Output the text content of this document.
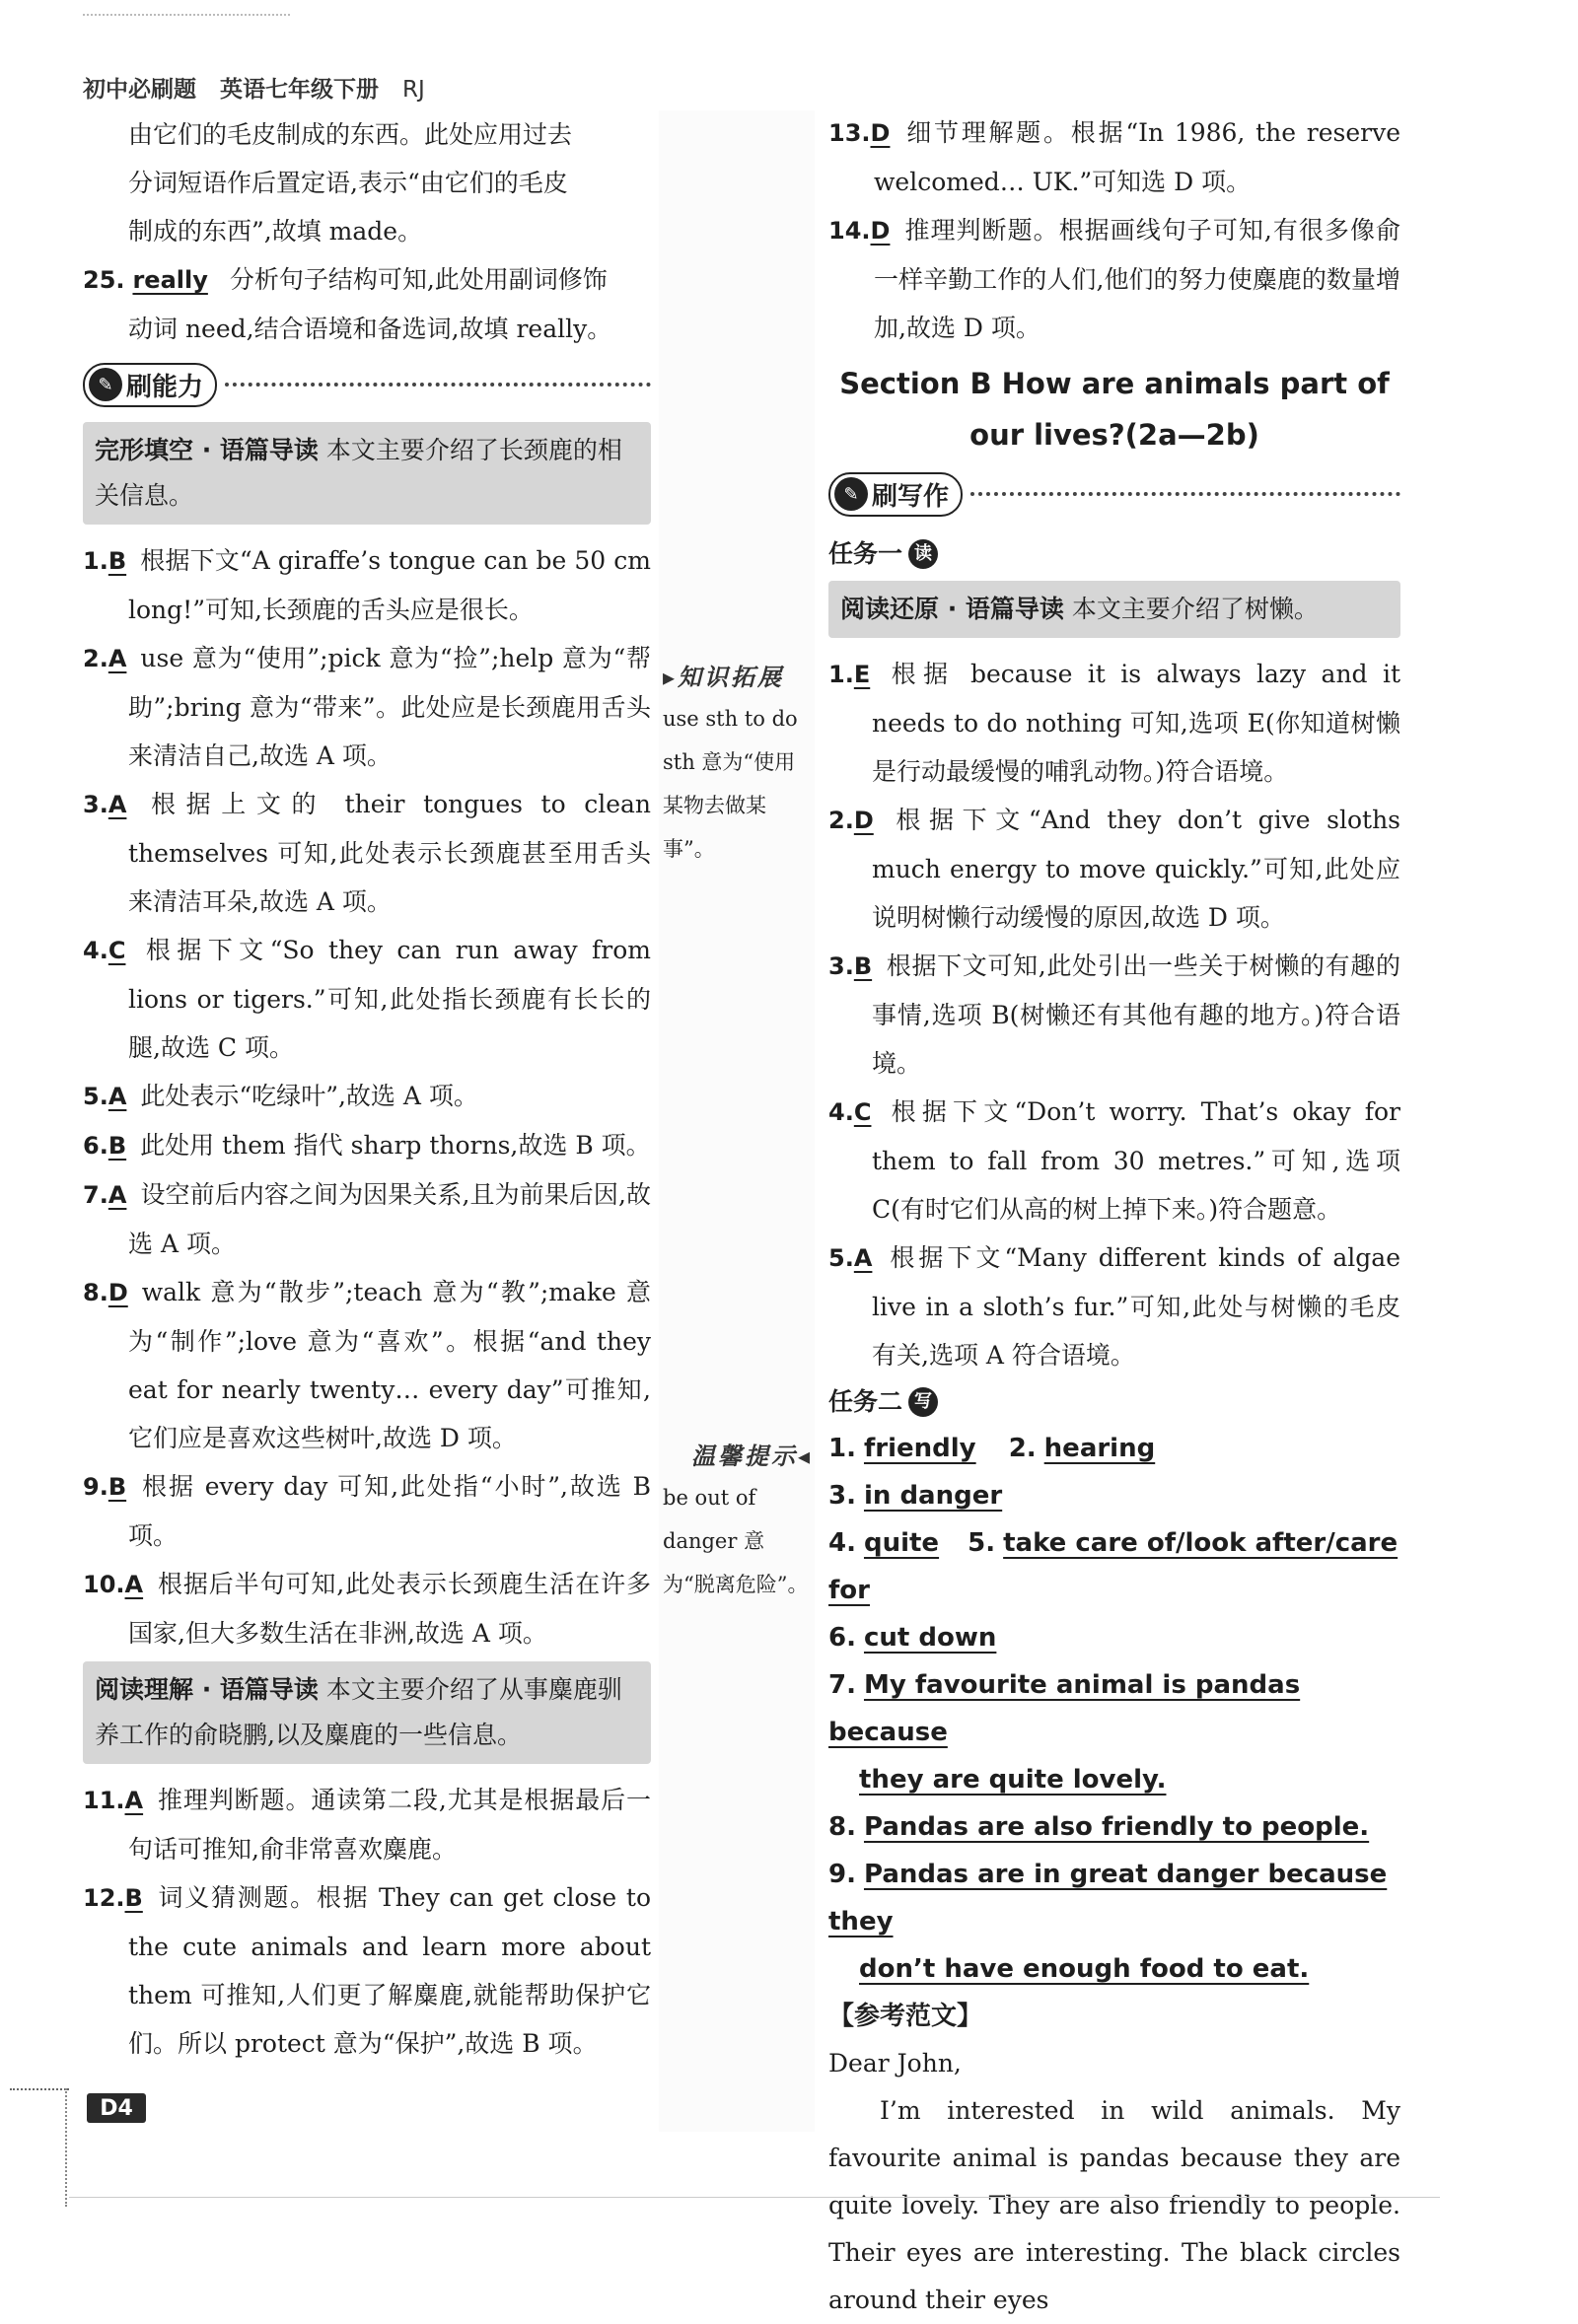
初中必刷题 英语七年级下册 RJ

由它们的毛皮制成的东西。此处应用过去

分词短语作后置定语,表示“由它们的毛皮

制成的东西”,故填 made。

25. really 分析句子结构可知,此处用副词修饰

动词 need,结合语境和备选词,故填 really。

✎ 刷能力
完形填空 · 语篇导读 本文主要介绍了长颈鹿的相关信息。

1.B 根据下文“A giraffe’s tongue can be 50 cm long!”可知,长颈鹿的舌头应是很长。

2.A use 意为“使用”;pick 意为“捡”;help 意为“帮助”;bring 意为“带来”。此处应是长颈鹿用舌头来清洁自己,故选 A 项。

3.A 根据上文的 their tongues to clean themselves 可知,此处表示长颈鹿甚至用舌头来清洁耳朵,故选 A 项。

4.C 根据下文“So they can run away from lions or tigers.”可知,此处指长颈鹿有长长的腿,故选 C 项。

5.A 此处表示“吃绿叶”,故选 A 项。

6.B 此处用 them 指代 sharp thorns,故选 B 项。

7.A 设空前后内容之间为因果关系,且为前果后因,故选 A 项。

8.D walk 意为“散步”;teach 意为“教”;make 意为“制作”;love 意为“喜欢”。根据“and they eat for nearly twenty… every day”可推知,它们应是喜欢这些树叶,故选 D 项。

9.B 根据 every day 可知,此处指“小时”,故选 B 项。

10.A 根据后半句可知,此处表示长颈鹿生活在许多国家,但大多数生活在非洲,故选 A 项。

阅读理解 · 语篇导读 本文主要介绍了从事麋鹿驯养工作的俞晓鹏,以及麋鹿的一些信息。

11.A 推理判断题。通读第二段,尤其是根据最后一句话可推知,俞非常喜欢麋鹿。

12.B 词义猜测题。根据 They can get close to the cute animals and learn more about them 可推知,人们更了解麋鹿,就能帮助保护它们。所以 protect 意为“保护”,故选 B 项。

▸知识拓展
use sth to do sth 意为“使用某物去做某事”。
温馨提示◂
be out of danger 意为“脱离危险”。

13.D 细节理解题。根据“In 1986, the reserve welcomed… UK.”可知选 D 项。

14.D 推理判断题。根据画线句子可知,有很多像俞一样辛勤工作的人们,他们的努力使麋鹿的数量增加,故选 D 项。

Section B How are animals part of
our lives?(2a—2b)
✎ 刷写作
任务一 读
阅读还原 · 语篇导读 本文主要介绍了树懒。

1.E 根据 because it is always lazy and it needs to do nothing 可知,选项 E(你知道树懒是行动最缓慢的哺乳动物。)符合语境。

2.D 根据下文“And they don’t give sloths much energy to move quickly.”可知,此处应说明树懒行动缓慢的原因,故选 D 项。

3.B 根据下文可知,此处引出一些关于树懒的有趣的事情,选项 B(树懒还有其他有趣的地方。)符合语境。

4.C 根据下文“Don’t worry. That’s okay for them to fall from 30 metres.”可知,选项 C(有时它们从高的树上掉下来。)符合题意。

5.A 根据下文“Many different kinds of algae live in a sloth’s fur.”可知,此处与树懒的毛皮有关,选项 A 符合语境。

任务二 写
1. friendly 2. hearing
3. in danger
4. quite 5. take care of/look after/care for
6. cut down
7. My favourite animal is pandas because
they are quite lovely.
8. Pandas are also friendly to people.
9. Pandas are in great danger because they
don’t have enough food to eat.
【参考范文】

Dear John,

I’m interested in wild animals. My favourite animal is pandas because they are quite lovely. They are also friendly to people. Their eyes are interesting. The black circles around their eyes

D4
